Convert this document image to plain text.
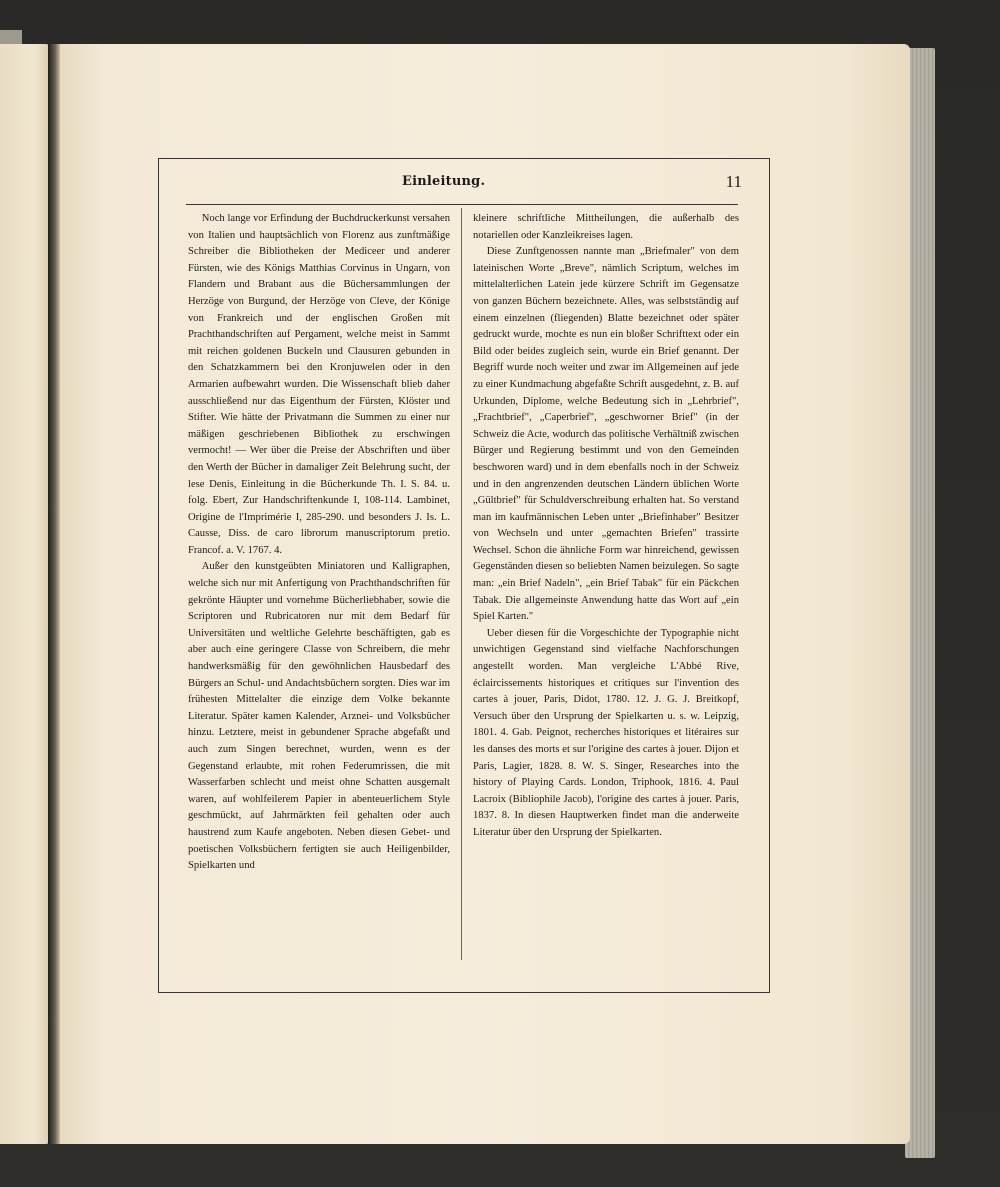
Einleitung.	11

Noch lange vor Erfindung der Buchdruckerkunst versahen von Italien und hauptsächlich von Florenz aus zunftmäßige Schreiber die Bibliotheken der Mediceer und anderer Fürsten, wie des Königs Matthias Corvinus in Ungarn, von Flandern und Brabant aus die Büchersammlungen der Herzöge von Burgund, der Herzöge von Cleve, der Könige von Frankreich und der englischen Großen mit Prachthandschriften auf Pergament, welche meist in Sammt mit reichen goldenen Buckeln und Clausuren gebunden in den Schatzkammern bei den Kronjuwelen oder in den Armarien aufbewahrt wurden. Die Wissenschaft blieb daher ausschließend nur das Eigenthum der Fürsten, Klöster und Stifter. Wie hätte der Privatmann die Summen zu einer nur mäßigen geschriebenen Bibliothek zu erschwingen vermocht! — Wer über die Preise der Abschriften und über den Werth der Bücher in damaliger Zeit Belehrung sucht, der lese Denis, Einleitung in die Bücherkunde Th. I. S. 84. u. folg. Ebert, Zur Handschriftenkunde I, 108-114. Lambinet, Origine de l'Imprimérie I, 285-290. und besonders J. Is. L. Causse, Diss. de caro librorum manuscriptorum pretio. Francof. a. V. 1767. 4.

Außer den kunstgeübten Miniatoren und Kalligraphen, welche sich nur mit Anfertigung von Prachthandschriften für gekrönte Häupter und vornehme Bücherliebhaber, sowie die Scriptoren und Rubricatoren nur mit dem Bedarf für Universitäten und weltliche Gelehrte beschäftigten, gab es aber auch eine geringere Classe von Schreibern, die mehr handwerksmäßig für den gewöhnlichen Hausbedarf des Bürgers an Schul- und Andachtsbüchern sorgten. Dies war im frühesten Mittelalter die einzige dem Volke bekannte Literatur. Später kamen Kalender, Arznei- und Volksbücher hinzu. Letztere, meist in gebundener Sprache abgefaßt und auch zum Singen berechnet, wurden, wenn es der Gegenstand erlaubte, mit rohen Federumrissen, die mit Wasserfarben schlecht und meist ohne Schatten ausgemalt waren, auf wohlfeilerem Papier in abenteuerlichem Style geschmückt, auf Jahrmärkten feil gehalten oder auch haustrend zum Kaufe angeboten. Neben diesen Gebet- und poetischen Volksbüchern fertigten sie auch Heiligenbilder, Spielkarten und

kleinere schriftliche Mittheilungen, die außerhalb des notariellen oder Kanzleikreises lagen.

Diese Zunftgenossen nannte man „Briefmaler" von dem lateinischen Worte „Breve", nämlich Scriptum, welches im mittelalterlichen Latein jede kürzere Schrift im Gegensatze von ganzen Büchern bezeichnete. Alles, was selbstständig auf einem einzelnen (fliegenden) Blatte bezeichnet oder später gedruckt wurde, mochte es nun ein bloßer Schrifttext oder ein Bild oder beides zugleich sein, wurde ein Brief genannt. Der Begriff wurde noch weiter und zwar im Allgemeinen auf jede zu einer Kundmachung abgefaßte Schrift ausgedehnt, z. B. auf Urkunden, Diplome, welche Bedeutung sich in „Lehrbrief", „Frachtbrief", „Caperbrief", „geschworner Brief" (in der Schweiz die Acte, wodurch das politische Verhältniß zwischen Bürger und Regierung bestimmt und von den Gemeinden beschworen ward) und in dem ebenfalls noch in der Schweiz und in den angrenzenden deutschen Ländern üblichen Worte „Gültbrief" für Schuldverschreibung erhalten hat. So verstand man im kaufmännischen Leben unter „Briefinhaber" Besitzer von Wechseln und unter „gemachten Briefen" trassirte Wechsel. Schon die ähnliche Form war hinreichend, gewissen Gegenständen diesen so beliebten Namen beizulegen. So sagte man: „ein Brief Nadeln", „ein Brief Tabak" für ein Päckchen Tabak. Die allgemeinste Anwendung hatte das Wort auf „ein Spiel Karten."

Ueber diesen für die Vorgeschichte der Typographie nicht unwichtigen Gegenstand sind vielfache Nachforschungen angestellt worden. Man vergleiche L'Abbé Rive, éclaircissements historiques et critiques sur l'invention des cartes à jouer, Paris, Didot, 1780. 12. J. G. J. Breitkopf, Versuch über den Ursprung der Spielkarten u. s. w. Leipzig, 1801. 4. Gab. Peignot, recherches historiques et litéraires sur les danses des morts et sur l'origine des cartes à jouer. Dijon et Paris, Lagier, 1828. 8. W. S. Singer, Researches into the history of Playing Cards. London, Triphook, 1816. 4. Paul Lacroix (Bibliophile Jacob), l'origine des cartes à jouer. Paris, 1837. 8. In diesen Hauptwerken findet man die anderweite Literatur über den Ursprung der Spielkarten.
